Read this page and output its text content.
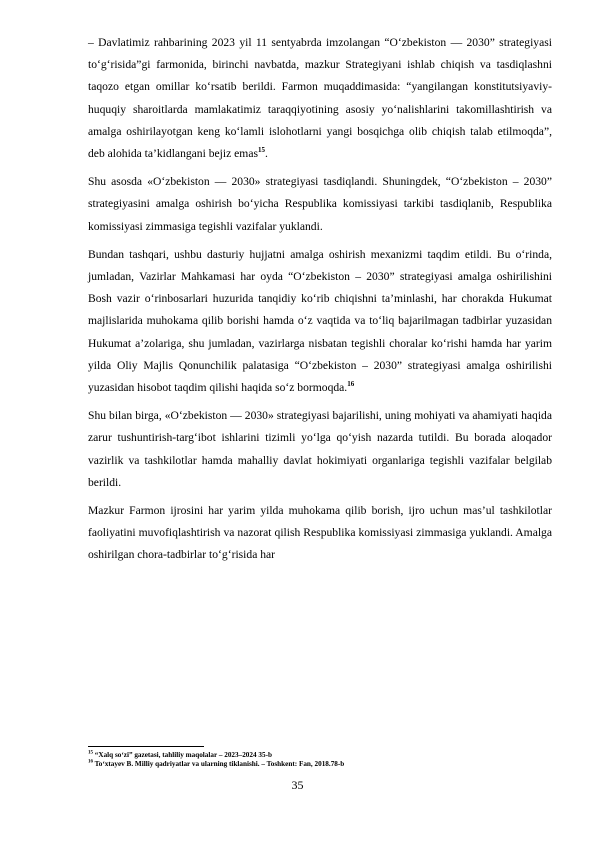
– Davlatimiz rahbarining 2023 yil 11 sentyabrda imzolangan “O‘zbekiston — 2030” strategiyasi to‘g‘risida”gi farmonida, birinchi navbatda, mazkur Strategiyani ishlab chiqish va tasdiqlashni taqozo etgan omillar ko‘rsatib berildi. Farmon muqaddimasida: “yangilangan konstitutsiyaviy-huquqiy sharoitlarda mamlakatimiz taraqqiyotining asosiy yo‘nalishlarini takomillashtirish va amalga oshirilayotgan keng ko‘lamli islohotlarni yangi bosqichga olib chiqish talab etilmoqda”, deb alohida ta’kidlangani bejiz emas$^{15}$.

Shu asosda «O‘zbekiston — 2030» strategiyasi tasdiqlandi. Shuningdek, “O‘zbekiston – 2030” strategiyasini amalga oshirish bo‘yicha Respublika komissiyasi tarkibi tasdiqlanib, Respublika komissiyasi zimmasiga tegishli vazifalar yuklandi.

Bundan tashqari, ushbu dasturiy hujjatni amalga oshirish mexanizmi taqdim etildi. Bu o‘rinda, jumladan, Vazirlar Mahkamasi har oyda “O‘zbekiston – 2030” strategiyasi amalga oshirilishini Bosh vazir o‘rinbosarlari huzurida tanqidiy ko‘rib chiqishni ta’minlashi, har chorakda Hukumat majlislarida muhokama qilib borishi hamda o‘z vaqtida va to‘liq bajarilmagan tadbirlar yuzasidan Hukumat a’zolariga, shu jumladan, vazirlarga nisbatan tegishli choralar ko‘rishi hamda har yarim yilda Oliy Majlis Qonunchilik palatasiga “O‘zbekiston – 2030” strategiyasi amalga oshirilishi yuzasidan hisobot taqdim qilishi haqida so‘z bormoqda.$^{16}$

Shu bilan birga, «O‘zbekiston — 2030» strategiyasi bajarilishi, uning mohiyati va ahamiyati haqida zarur tushuntirish-targ‘ibot ishlarini tizimli yo‘lga qo‘yish nazarda tutildi. Bu borada aloqador vazirlik va tashkilotlar hamda mahalliy davlat hokimiyati organlariga tegishli vazifalar belgilab berildi.

Mazkur Farmon ijrosini har yarim yilda muhokama qilib borish, ijro uchun mas’ul tashkilotlar faoliyatini muvofiqlashtirish va nazorat qilish Respublika komissiyasi zimmasiga yuklandi. Amalga oshirilgan chora-tadbirlar to‘g‘risida har

$^{15}$ “Xalq so‘zi” gazetasi, tahliliy maqolalar – 2023–2024 35-b
$^{16}$ To‘xtayev B. Milliy qadriyatlar va ularning tiklanishi. – Toshkent: Fan, 2018.78-b
35
